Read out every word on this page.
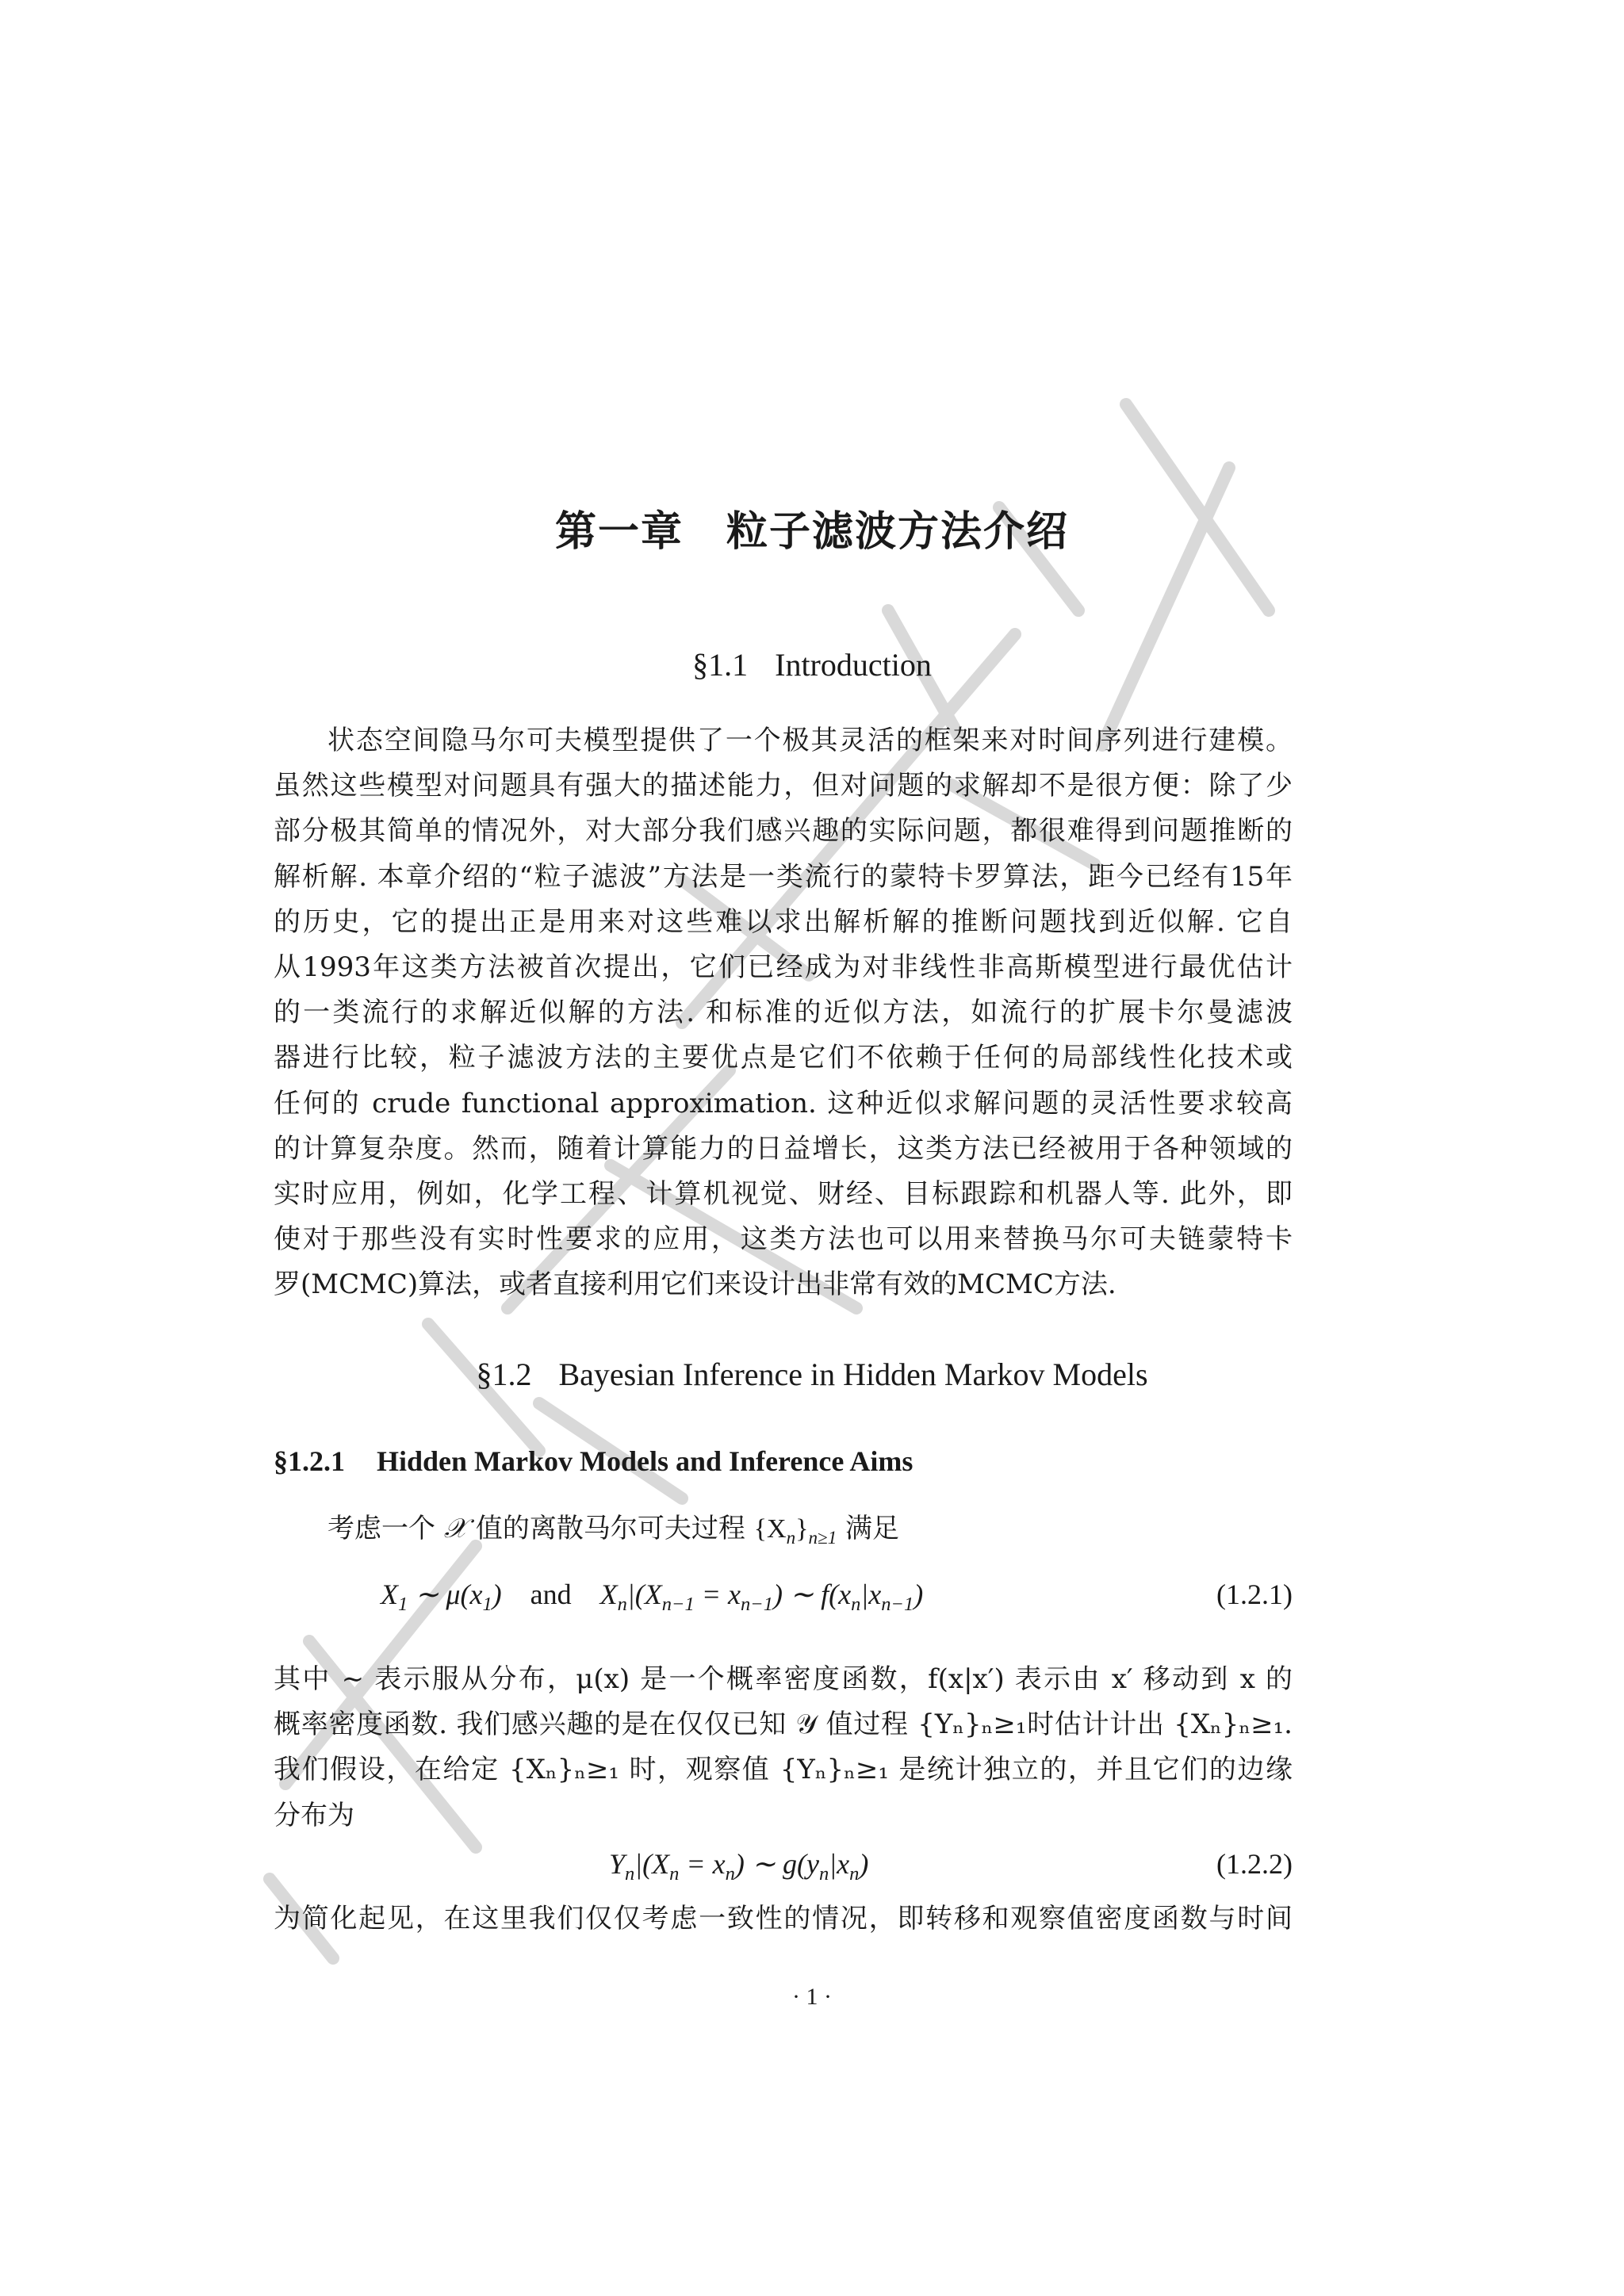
第一章　粒子滤波方法介绍
§1.1 Introduction
状态空间隐马尔可夫模型提供了一个极其灵活的框架来对时间序列进行建模。
虽然这些模型对问题具有强大的描述能力，但对问题的求解却不是很方便：除了少
部分极其简单的情况外，对大部分我们感兴趣的实际问题，都很难得到问题推断的
解析解. 本章介绍的“粒子滤波”方法是一类流行的蒙特卡罗算法，距今已经有15年
的历史，它的提出正是用来对这些难以求出解析解的推断问题找到近似解. 它自
从1993年这类方法被首次提出，它们已经成为对非线性非高斯模型进行最优估计
的一类流行的求解近似解的方法. 和标准的近似方法，如流行的扩展卡尔曼滤波
器进行比较，粒子滤波方法的主要优点是它们不依赖于任何的局部线性化技术或
任何的 crude functional approximation. 这种近似求解问题的灵活性要求较高
的计算复杂度。然而，随着计算能力的日益增长，这类方法已经被用于各种领域的
实时应用，例如，化学工程、计算机视觉、财经、目标跟踪和机器人等. 此外，即
使对于那些没有实时性要求的应用，这类方法也可以用来替换马尔可夫链蒙特卡
罗(MCMC)算法，或者直接利用它们来设计出非常有效的MCMC方法.
§1.2 Bayesian Inference in Hidden Markov Models
§1.2.1 Hidden Markov Models and Inference Aims
考虑一个 𝒳 值的离散马尔可夫过程 $\{X_n\}_{n\ge 1}$ 满足
$X_1$ ∼ $\mu(x_1)$ and $X_n|(X_{n-1} = x_{n-1})$ ∼ $f(x_n|x_{n-1})$	(1.2.1)
其中 ∼ 表示服从分布，μ(x) 是一个概率密度函数，f(x|x′) 表示由 x′ 移动到 x 的
概率密度函数. 我们感兴趣的是在仅仅已知 𝒴 值过程 {Yₙ}ₙ≥₁时估计计出 {Xₙ}ₙ≥₁.
我们假设，在给定 {Xₙ}ₙ≥₁ 时，观察值 {Yₙ}ₙ≥₁ 是统计独立的，并且它们的边缘
分布为
$Y_n|(X_n = x_n)$ ∼ $g(y_n|x_n)$	(1.2.2)
为简化起见，在这里我们仅仅考虑一致性的情况，即转移和观察值密度函数与时间
· 1 ·
